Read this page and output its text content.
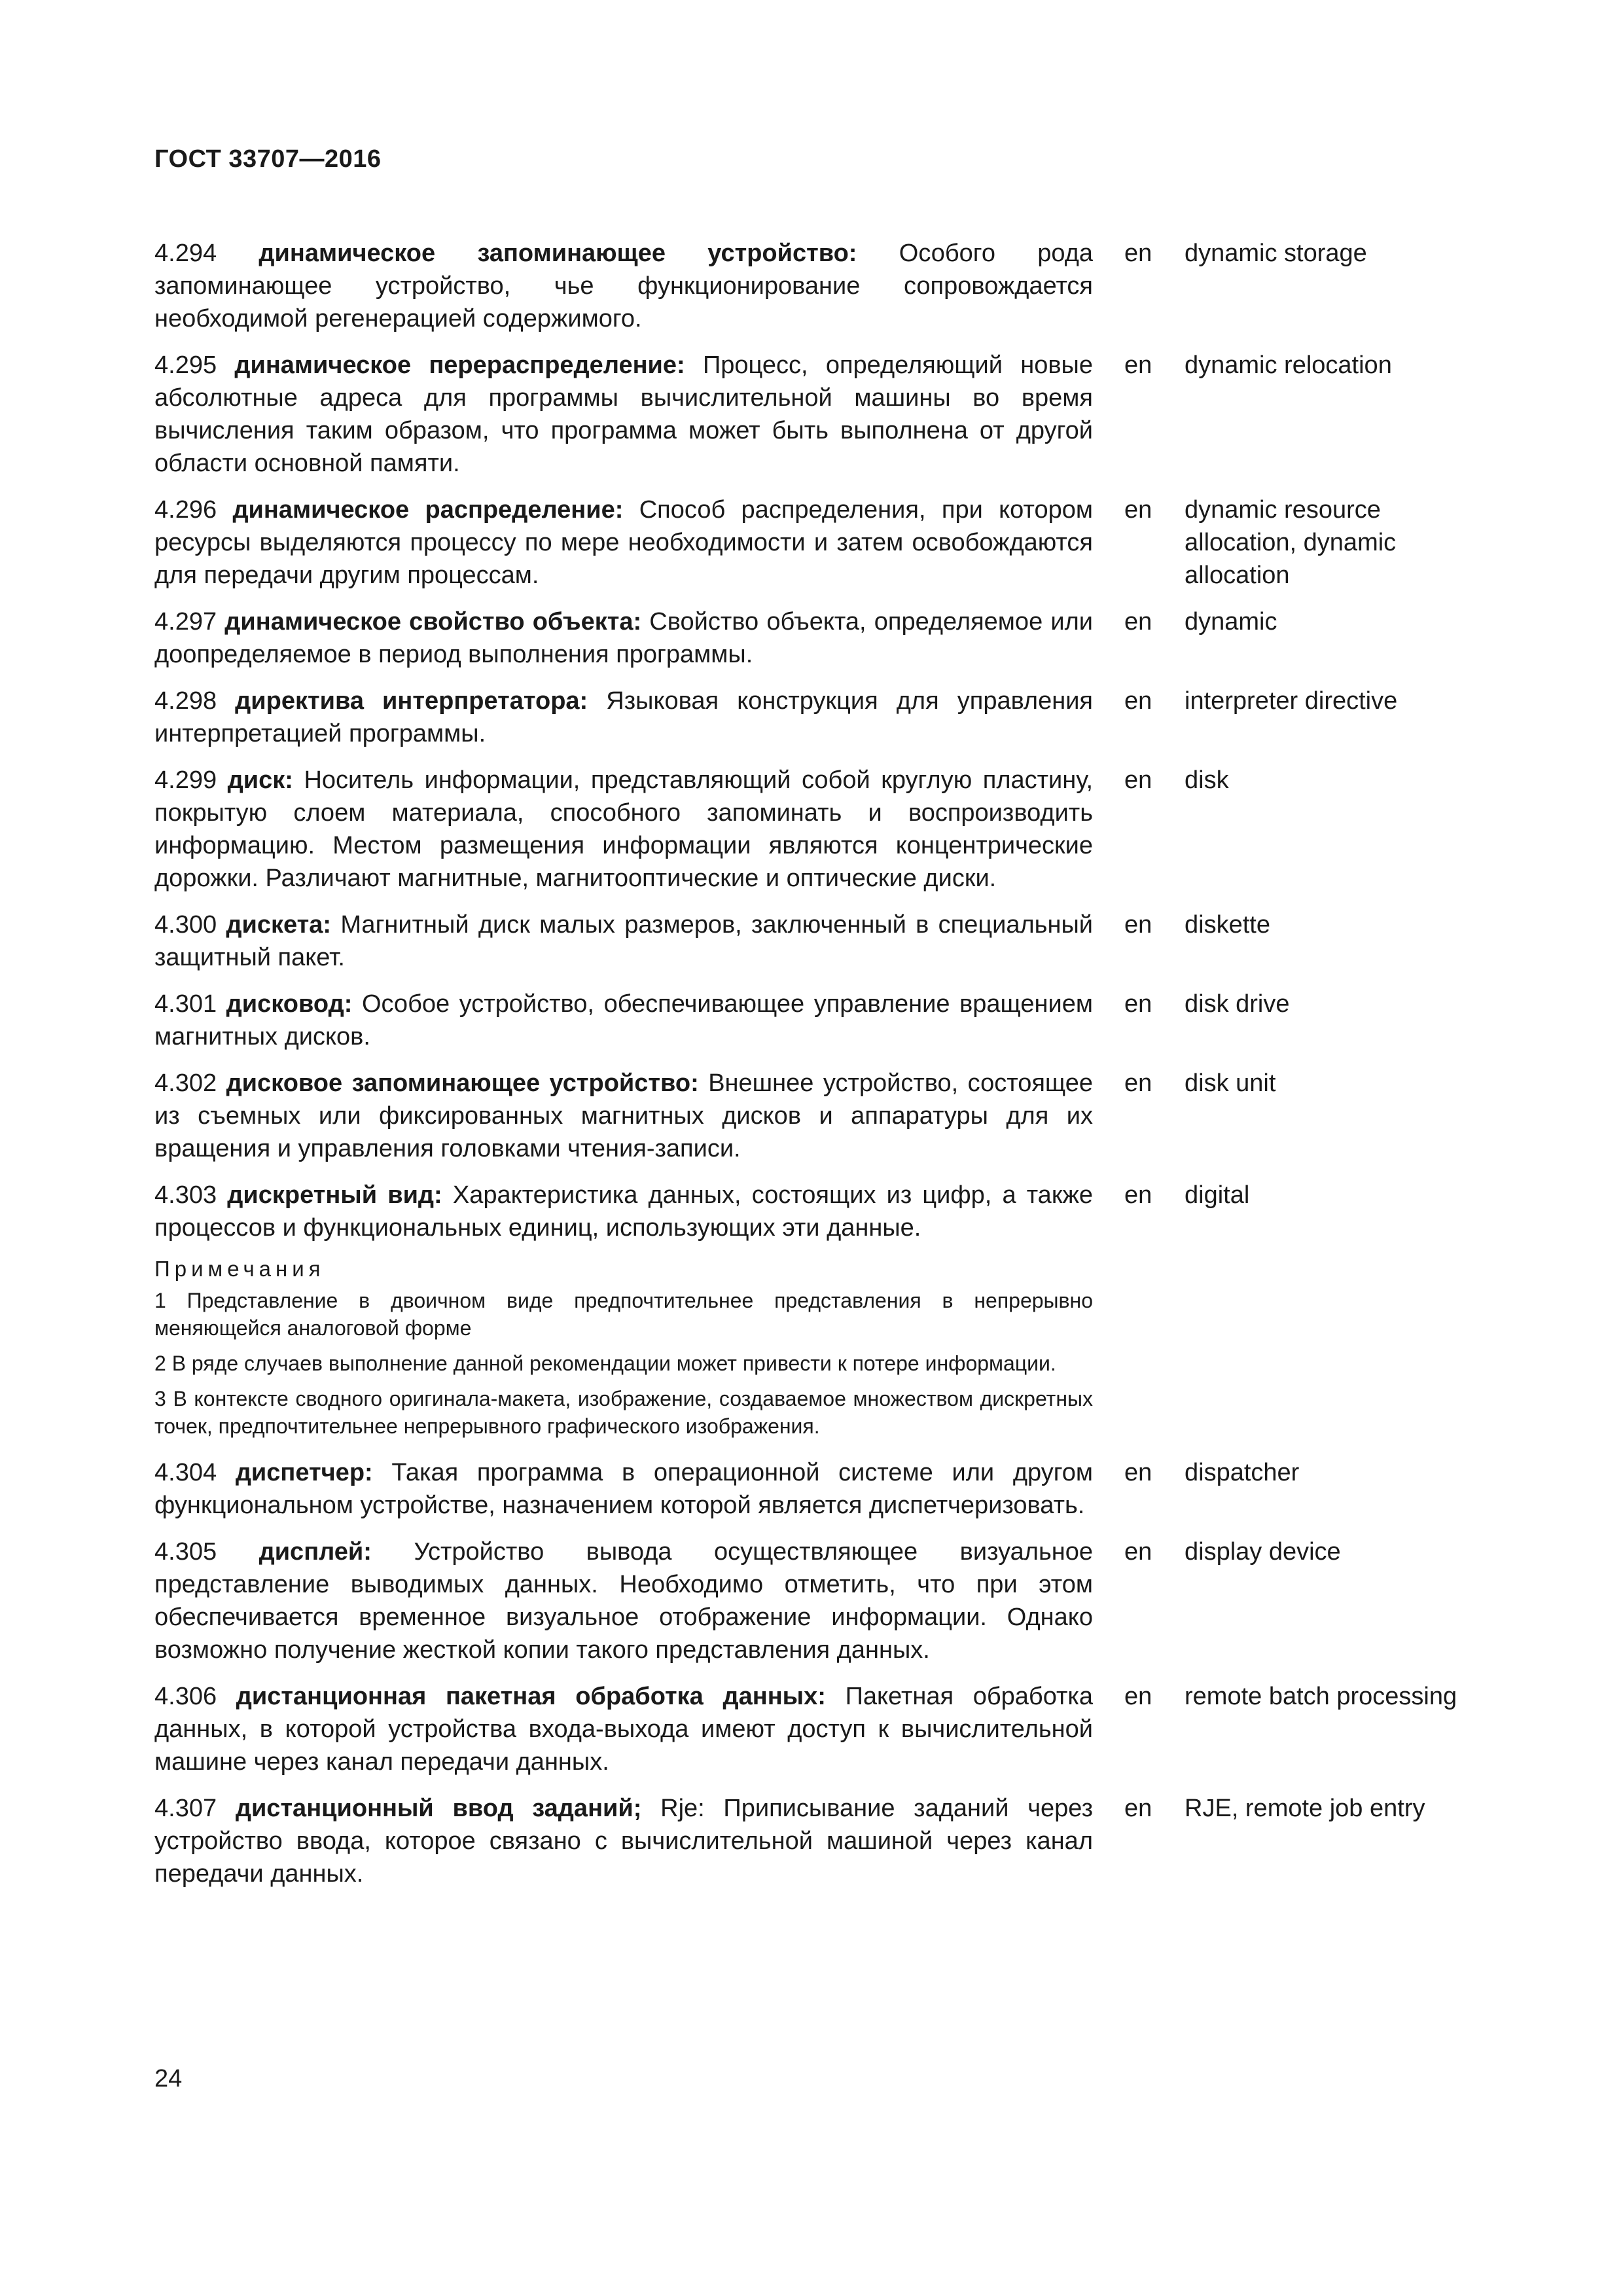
ГОСТ 33707—2016
4.294 динамическое запоминающее устройство: Особого рода запоминающее устройство, чье функционирование сопровождается необходимой регенерацией содержимого.
en	dynamic storage
4.295 динамическое перераспределение: Процесс, определяющий новые абсолютные адреса для программы вычислительной машины во время вычисления таким образом, что программа может быть выполнена от другой области основной памяти.
en	dynamic relocation
4.296 динамическое распределение: Способ распределения, при котором ресурсы выделяются процессу по мере необходимости и затем освобождаются для передачи другим процессам.
en	dynamic resource allocation, dynamic allocation
4.297 динамическое свойство объекта: Свойство объекта, определяемое или доопределяемое в период выполнения программы.
en	dynamic
4.298 директива интерпретатора: Языковая конструкция для управления интерпретацией программы.
en	interpreter directive
4.299 диск: Носитель информации, представляющий собой круглую пластину, покрытую слоем материала, способного запоминать и воспроизводить информацию. Местом размещения информации являются концентрические дорожки. Различают магнитные, магнитооптические и оптические диски.
en	disk
4.300 дискета: Магнитный диск малых размеров, заключенный в специальный защитный пакет.
en	diskette
4.301 дисковод: Особое устройство, обеспечивающее управление вращением магнитных дисков.
en	disk drive
4.302 дисковое запоминающее устройство: Внешнее устройство, состоящее из съемных или фиксированных магнитных дисков и аппаратуры для их вращения и управления головками чтения-записи.
en	disk unit
4.303 дискретный вид: Характеристика данных, состоящих из цифр, а также процессов и функциональных единиц, использующих эти данные.
en	digital
Примечания
1 Представление в двоичном виде предпочтительнее представления в непрерывно меняющейся аналоговой форме
2 В ряде случаев выполнение данной рекомендации может привести к потере информации.
3 В контексте сводного оригинала-макета, изображение, создаваемое множеством дискретных точек, предпочтительнее непрерывного графического изображения.
4.304 диспетчер: Такая программа в операционной системе или другом функциональном устройстве, назначением которой является диспетчеризовать.
en	dispatcher
4.305 дисплей: Устройство вывода осуществляющее визуальное представление выводимых данных. Необходимо отметить, что при этом обеспечивается временное визуальное отображение информации. Однако возможно получение жесткой копии такого представления данных.
en	display device
4.306 дистанционная пакетная обработка данных: Пакетная обработка данных, в которой устройства входа-выхода имеют доступ к вычислительной машине через канал передачи данных.
en	remote batch processing
4.307 дистанционный ввод заданий; Rje: Приписывание заданий через устройство ввода, которое связано с вычислительной машиной через канал передачи данных.
en	RJE, remote job entry
24
